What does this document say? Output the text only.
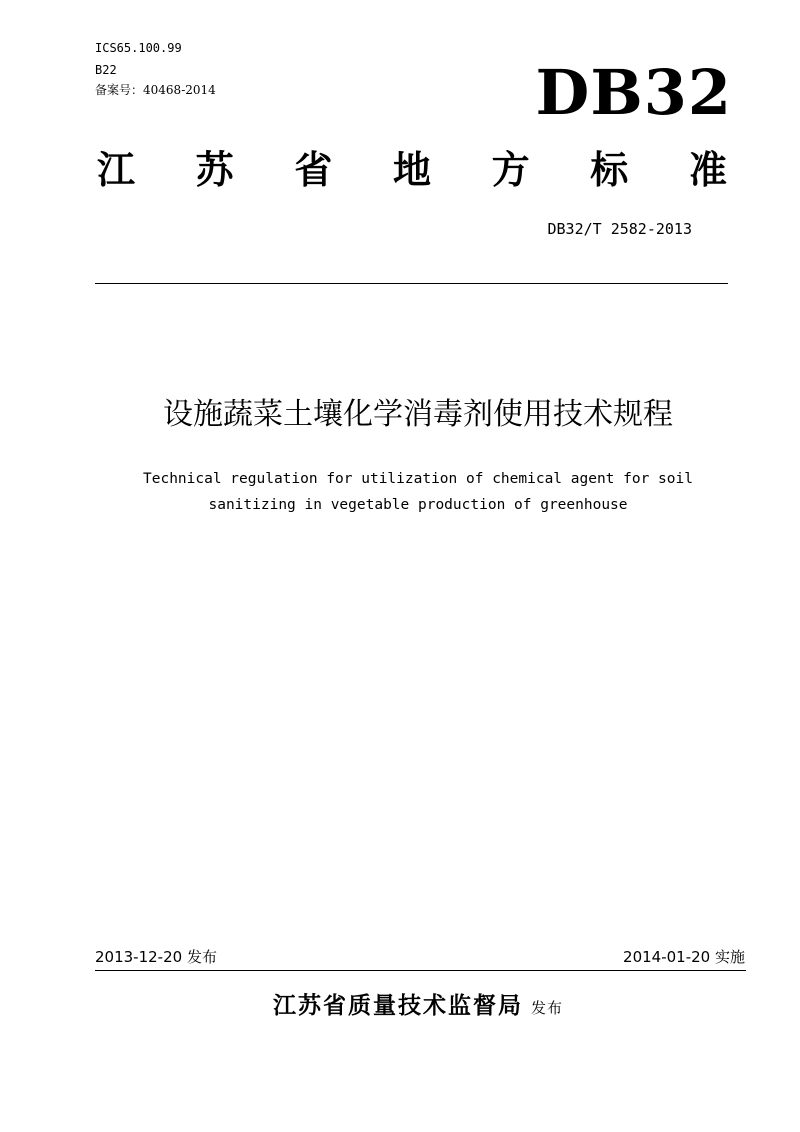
ICS65.100.99
B22
备案号：40468-2014	DB32
江 苏 省 地 方 标 准
DB32/T 2582-2013
设施蔬菜土壤化学消毒剂使用技术规程
Technical regulation for utilization of chemical agent for soil
sanitizing in vegetable production of greenhouse
2013-12-20 发布	2014-01-20 实施
江苏省质量技术监督局 发布
